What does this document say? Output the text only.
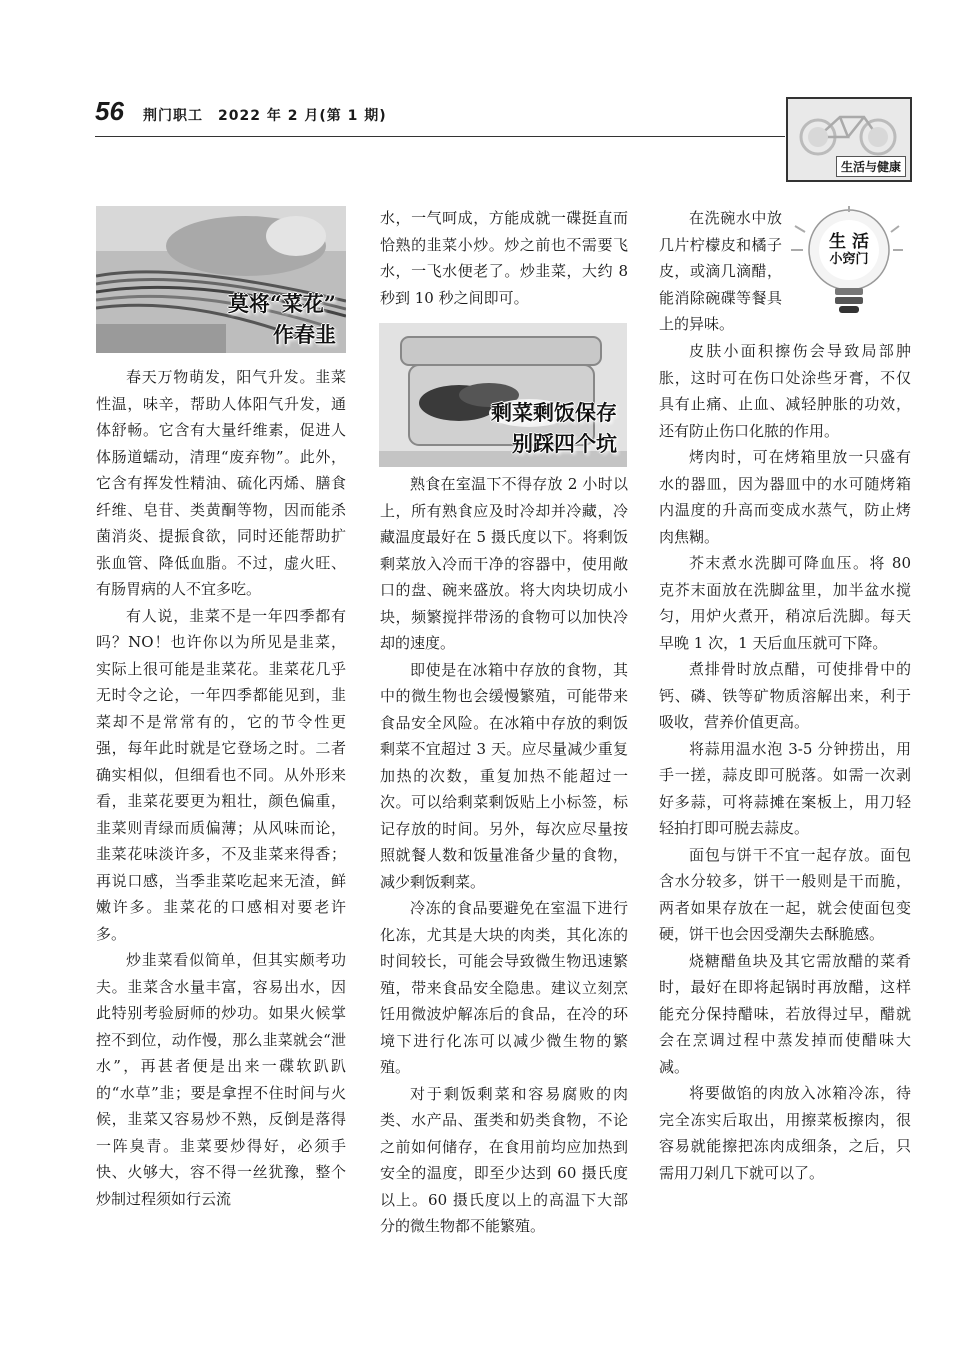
56 荆门职工　2022 年 2 月(第 1 期)
生活与健康
莫将“菜花”
作春韭

春天万物萌发，阳气升发。韭菜性温，味辛，帮助人体阳气升发，通体舒畅。它含有大量纤维素，促进人体肠道蠕动，清理“废弃物”。此外，它含有挥发性精油、硫化丙烯、膳食纤维、皂苷、类黄酮等物，因而能杀菌消炎、提振食欲，同时还能帮助扩张血管、降低血脂。不过，虚火旺、有肠胃病的人不宜多吃。

有人说，韭菜不是一年四季都有吗？NO！也许你以为所见是韭菜，实际上很可能是韭菜花。韭菜花几乎无时令之论，一年四季都能见到，韭菜却不是常常有的，它的节令性更强，每年此时就是它登场之时。二者确实相似，但细看也不同。从外形来看，韭菜花要更为粗壮，颜色偏重，韭菜则青绿而质偏薄；从风味而论，韭菜花味淡许多，不及韭菜来得香；再说口感，当季韭菜吃起来无渣，鲜嫩许多。韭菜花的口感相对要老许多。

炒韭菜看似简单，但其实颇考功夫。韭菜含水量丰富，容易出水，因此特别考验厨师的炒功。如果火候掌控不到位，动作慢，那么韭菜就会“泄水”，再甚者便是出来一碟软趴趴的“水草”韭；要是拿捏不住时间与火候，韭菜又容易炒不熟，反倒是落得一阵臭青。韭菜要炒得好，必须手快、火够大，容不得一丝犹豫，整个炒制过程须如行云流

水，一气呵成，方能成就一碟挺直而恰熟的韭菜小炒。炒之前也不需要飞水，一飞水便老了。炒韭菜，大约 8 秒到 10 秒之间即可。

剩菜剩饭保存
别踩四个坑

熟食在室温下不得存放 2 小时以上，所有熟食应及时冷却并冷藏，冷藏温度最好在 5 摄氏度以下。将剩饭剩菜放入冷而干净的容器中，使用敞口的盘、碗来盛放。将大肉块切成小块，频繁搅拌带汤的食物可以加快冷却的速度。

即使是在冰箱中存放的食物，其中的微生物也会缓慢繁殖，可能带来食品安全风险。在冰箱中存放的剩饭剩菜不宜超过 3 天。应尽量减少重复加热的次数，重复加热不能超过一次。可以给剩菜剩饭贴上小标签，标记存放的时间。另外，每次应尽量按照就餐人数和饭量准备少量的食物，减少剩饭剩菜。

冷冻的食品要避免在室温下进行化冻，尤其是大块的肉类，其化冻的时间较长，可能会导致微生物迅速繁殖，带来食品安全隐患。建议立刻烹饪用微波炉解冻后的食品，在冷的环境下进行化冻可以减少微生物的繁殖。

对于剩饭剩菜和容易腐败的肉类、水产品、蛋类和奶类食物，不论之前如何储存，在食用前均应加热到安全的温度，即至少达到 60 摄氏度以上。60 摄氏度以上的高温下大部分的微生物都不能繁殖。

在洗碗水中放几片柠檬皮和橘子皮，或滴几滴醋，能消除碗碟等餐具上的异味。

生 活
小窍门

皮肤小面积擦伤会导致局部肿胀，这时可在伤口处涂些牙膏，不仅具有止痛、止血、减轻肿胀的功效，还有防止伤口化脓的作用。

烤肉时，可在烤箱里放一只盛有水的器皿，因为器皿中的水可随烤箱内温度的升高而变成水蒸气，防止烤肉焦糊。

芥末煮水洗脚可降血压。将 80 克芥末面放在洗脚盆里，加半盆水搅匀，用炉火煮开，稍凉后洗脚。每天早晚 1 次，1 天后血压就可下降。

煮排骨时放点醋，可使排骨中的钙、磷、铁等矿物质溶解出来，利于吸收，营养价值更高。

将蒜用温水泡 3-5 分钟捞出，用手一搓，蒜皮即可脱落。如需一次剥好多蒜，可将蒜摊在案板上，用刀轻轻拍打即可脱去蒜皮。

面包与饼干不宜一起存放。面包含水分较多，饼干一般则是干而脆，两者如果存放在一起，就会使面包变硬，饼干也会因受潮失去酥脆感。

烧糖醋鱼块及其它需放醋的菜肴时，最好在即将起锅时再放醋，这样能充分保持醋味，若放得过早，醋就会在烹调过程中蒸发掉而使醋味大减。

将要做馅的肉放入冰箱冷冻，待完全冻实后取出，用擦菜板擦肉，很容易就能擦把冻肉成细条，之后，只需用刀剁几下就可以了。
